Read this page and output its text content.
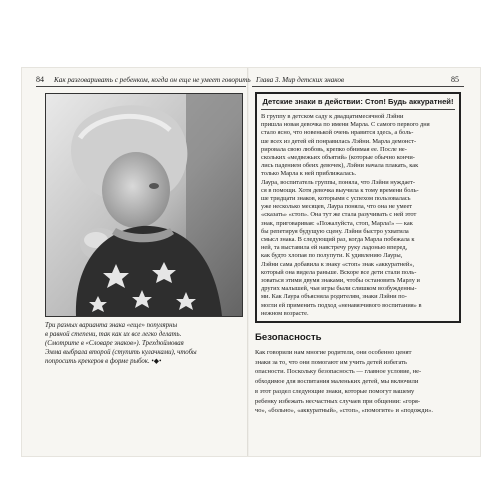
84 Как разговаривать с ребенком, когда он еще не умеет говорить Глава 3. Мир детских знаков	85
Три разных варианта знака «еще» популярны
в равной степени, так как их все легко делать.
(Смотрите в «Словаре знаков»). Трехдюймовая
Эмма выбрала второй (ступить кулачками), чтобы
попросить крекеров в форме рыбок. •◆•
Детские знаки в действии: Стоп! Будь аккуратней!
В группу в детском саду к двадцатимесячной Лэйни
пришла новая девочка по имени Марла. С самого первого дня
стало ясно, что новенькой очень нравится здесь, а боль-
ше всех из детей ей понравилась Лэйни. Марла демонст-
рировала свою любовь, крепко обнимая ее. После не-
скольких «медвежьих объятий» (которые обычно кончи-
лись падением обеих девочек), Лэйни начала плакать, как
только Марла к ней приближалась.
Лаура, воспитатель группы, поняла, что Лэйни нуждает-
ся в помощи. Хотя девочка выучила к тому времени боль-
ше тридцати знаков, которыми с успехом пользовалась
уже несколько месяцев, Лаура поняла, что она не умеет
«сказать» «стоп». Она тут же стала разучивать с ней этот
знак, приговаривая: «Пожалуйста, стоп, Марла!» — как
бы репетируя будущую сцену. Лэйни быстро ухватила
смысл знака. В следующий раз, когда Марла побежала к
ней, та выставила ей навстречу руку ладонью вперед,
как будто хлопая по полупути. К удивлению Лауры,
Лэйни сама добавила к знаку «стоп» знак «аккуратней»,
который она видела раньше. Вскоре все дети стали поль-
зоваться этими двумя знаками, чтобы остановить Марлу и
других малышей, чьи игры были слишком возбужденны-
ми. Как Лаура объясняла родителям, знаки Лэйни по-
могли ей применить подход «ненавязчивого воспитания» в
нежном возрасте.
Безопасность
Как говорили нам многие родители, они особенно ценят
знаки за то, что они помогают им учить детей избегать
опасности. Поскольку безопасность — главное условие, не-
обходимое для воспитания маленьких детей, мы включили
в этот раздел следующие знаки, которые помогут вашему
ребенку избежать несчастных случаев при общении: «горя-
чо», «больно», «аккуратный», «стоп», «помогите» и «подожди».
